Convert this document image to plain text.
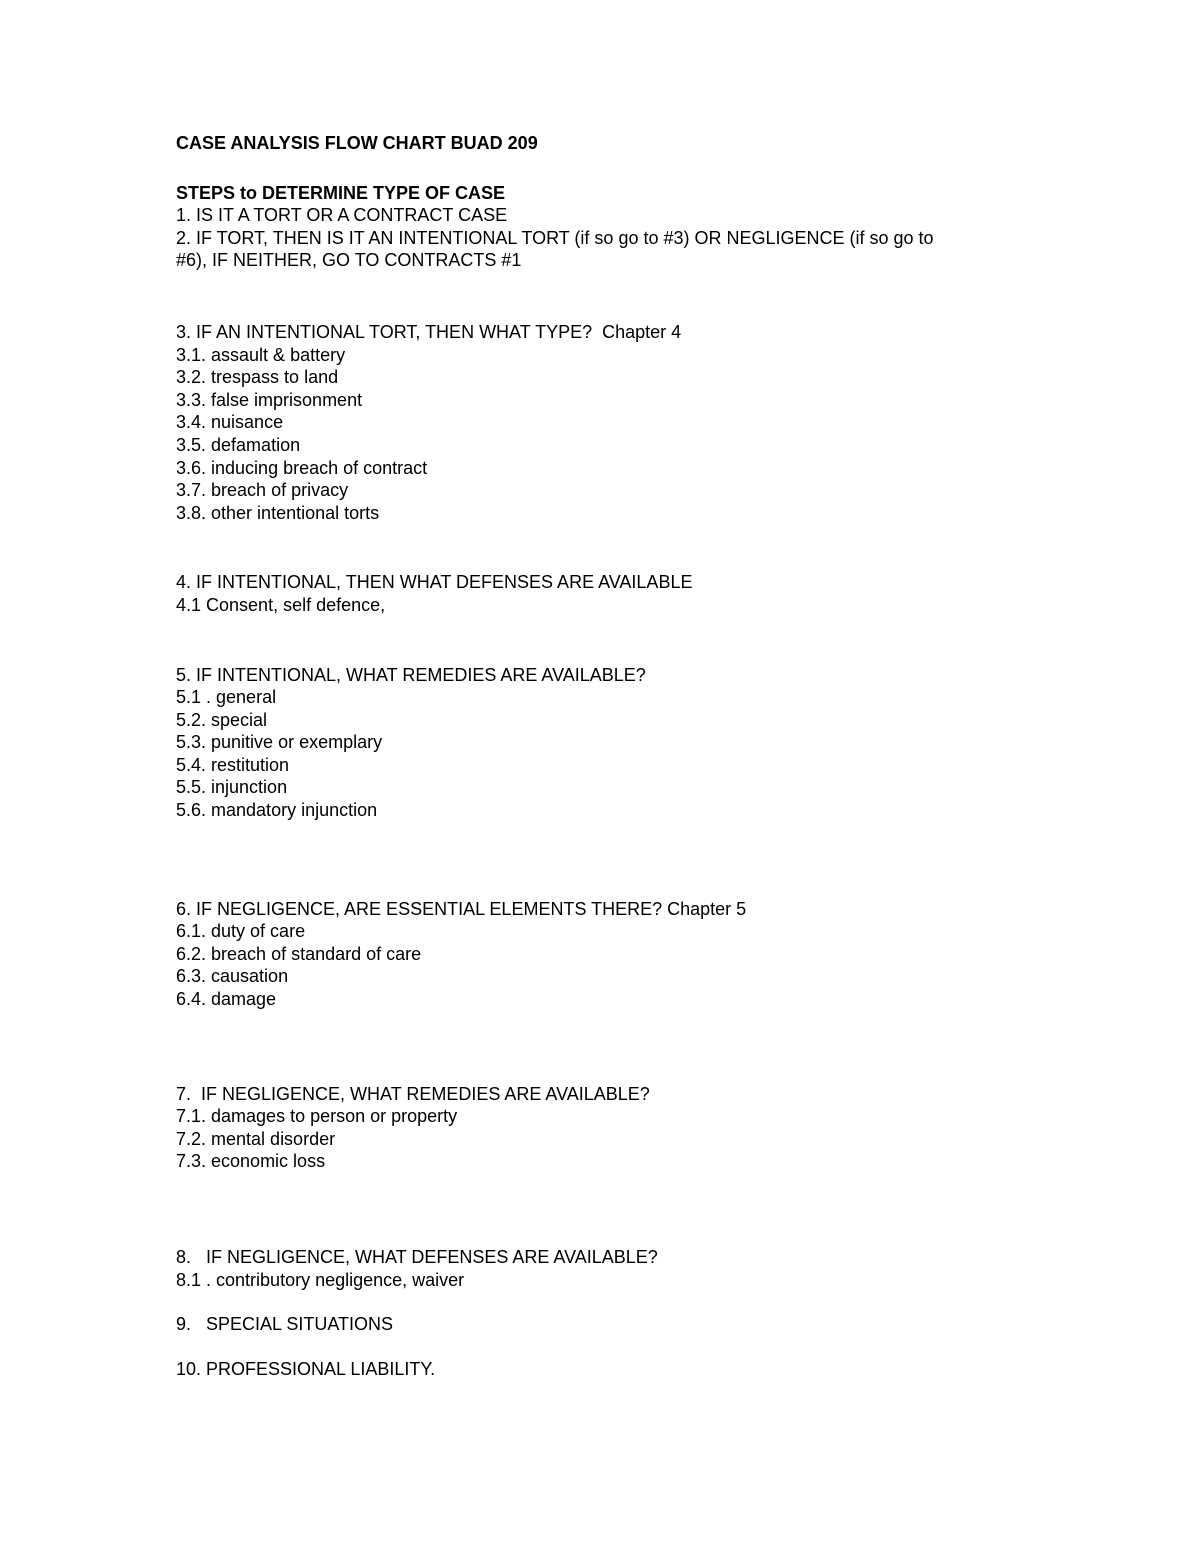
CASE ANALYSIS FLOW CHART BUAD 209

STEPS to DETERMINE TYPE OF CASE

1. IS IT A TORT OR A CONTRACT CASE

2. IF TORT, THEN IS IT AN INTENTIONAL TORT (if so go to #3) OR NEGLIGENCE (if so go to

#6), IF NEITHER, GO TO CONTRACTS #1

3. IF AN INTENTIONAL TORT, THEN WHAT TYPE?  Chapter 4

3.1. assault & battery

3.2. trespass to land

3.3. false imprisonment

3.4. nuisance

3.5. defamation

3.6. inducing breach of contract

3.7. breach of privacy

3.8. other intentional torts

4. IF INTENTIONAL, THEN WHAT DEFENSES ARE AVAILABLE

4.1 Consent, self defence,

5. IF INTENTIONAL, WHAT REMEDIES ARE AVAILABLE?

5.1 . general

5.2. special

5.3. punitive or exemplary

5.4. restitution

5.5. injunction

5.6. mandatory injunction

6. IF NEGLIGENCE, ARE ESSENTIAL ELEMENTS THERE? Chapter 5

6.1. duty of care

6.2. breach of standard of care

6.3. causation

6.4. damage

7.  IF NEGLIGENCE, WHAT REMEDIES ARE AVAILABLE?

7.1. damages to person or property

7.2. mental disorder

7.3. economic loss

8.   IF NEGLIGENCE, WHAT DEFENSES ARE AVAILABLE?

8.1 . contributory negligence, waiver

9.   SPECIAL SITUATIONS

10. PROFESSIONAL LIABILITY.
